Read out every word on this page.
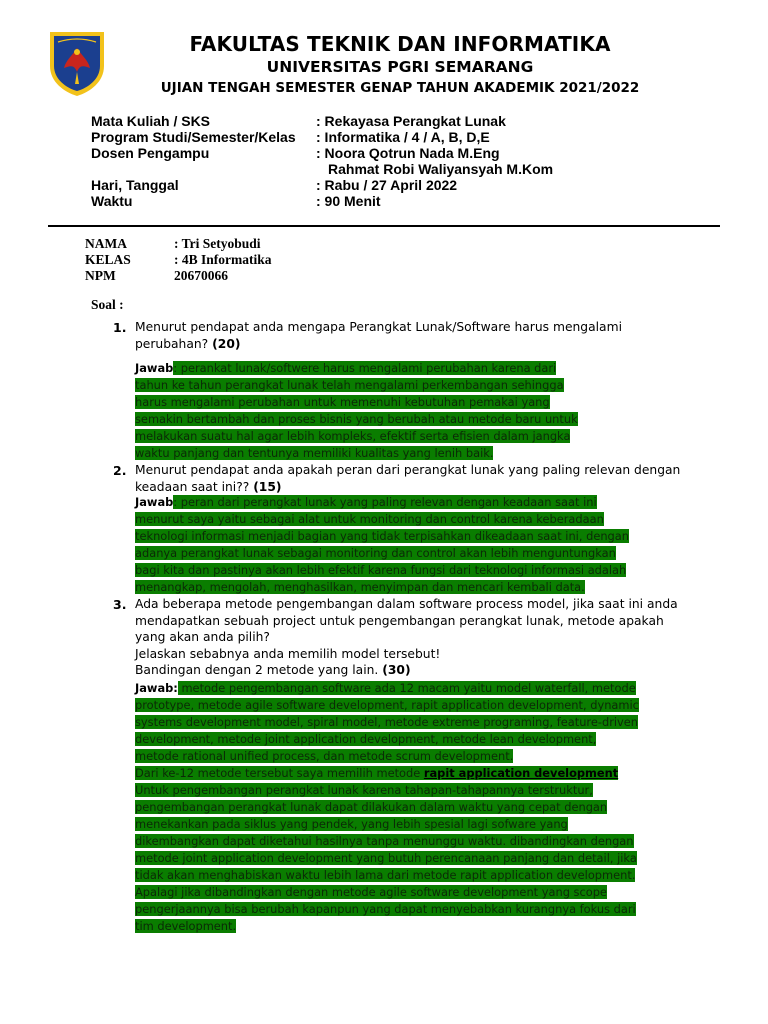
FAKULTAS TEKNIK DAN INFORMATIKA
UNIVERSITAS PGRI SEMARANG
UJIAN TENGAH SEMESTER GENAP TAHUN AKADEMIK 2021/2022
Mata Kuliah / SKS	: Rekayasa Perangkat Lunak
Program Studi/Semester/Kelas : Informatika / 4 / A, B, D,E
Dosen Pengampu	: Noora Qotrun Nada M.Eng
Rahmat Robi Waliyansyah M.Kom
Hari, Tanggal	: Rabu / 27 April 2022
Waktu	: 90 Menit
NAMA	: Tri Setyobudi
KELAS	: 4B Informatika
NPM	20670066
Soal :
1. Menurut pendapat anda mengapa Perangkat Lunak/Software harus mengalami
perubahan? (20)
Jawab: perankat lunak/softwere harus mengalami perubahan karena dari
tahun ke tahun perangkat lunak telah mengalami perkembangan sehingga
harus mengalami perubahan untuk memenuhi kebutuhan pemakai yang
semakin bertambah dan proses bisnis yang berubah atau metode baru untuk
melakukan suatu hal agar lebih kompleks, efektif serta efisien dalam jangka
waktu panjang dan tentunya memiliki kualitas yang lenih baik.
2. Menurut pendapat anda apakah peran dari perangkat lunak yang paling relevan dengan
keadaan saat ini?? (15)
Jawab: peran dari perangkat lunak yang paling relevan dengan keadaan saat ini
menurut saya yaitu sebagai alat untuk monitoring dan control karena keberadaan
teknologi informasi menjadi bagian yang tidak terpisahkan dikeadaan saat ini, dengan
adanya perangkat lunak sebagai monitoring dan control akan lebih menguntungkan
bagi kita dan pastinya akan lebih efektif karena fungsi dari teknologi informasi adalah
menangkap, mengolah, menghasilkan, menyimpan dan mencari kembali data.
3. Ada beberapa metode pengembangan dalam software process model, jika saat ini anda
mendapatkan sebuah project untuk pengembangan perangkat lunak, metode apakah
yang akan anda pilih?
Jelaskan sebabnya anda memilih model tersebut!
Bandingan dengan 2 metode yang lain. (30)
Jawab: metode pengembangan software ada 12 macam yaitu model waterfall, metode
prototype, metode agile software development, rapit application development, dynamic
systems development model, spiral model, metode extreme programing, feature-driven
development, metode joint application development, metode lean development,
metode rational unified process, dan metode scrum development.
Dari ke-12 metode tersebut saya memilih metode rapit application development
Untuk pengembangan perangkat lunak karena tahapan-tahapannya terstruktur,
pengembangan perangkat lunak dapat dilakukan dalam waktu yang cepat dengan
menekankan pada siklus yang pendek, yang lebih spesial lagi sofware yang
dikembangkan dapat diketahui hasilnya tanpa menunggu waktu. dibandingkan dengan
metode joint application development yang butuh perencanaan panjang dan detail, jika
tidak akan menghabiskan waktu lebih lama dari metode rapit application development.
Apalagi jika dibandingkan dengan metode agile software development yang scope
pengerjaannya bisa berubah kapanpun yang dapat menyebabkan kurangnya fokus dari
tim development.
